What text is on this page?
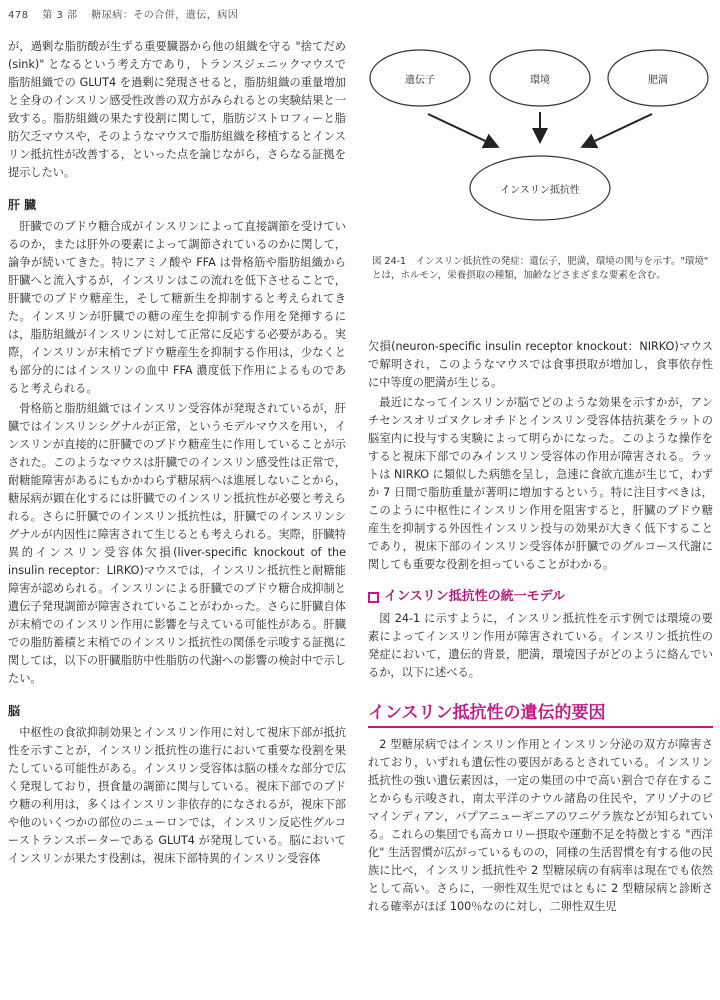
478 第 3 部 糖尿病：その合併，遺伝，病因

が，過剰な脂肪酸が生ずる重要臓器から他の組織を守る "捨てだめ(sink)" となるという考え方であり，トランスジェニックマウスで脂肪組織での GLUT4 を過剰に発現させると，脂肪組織の重量増加と全身のインスリン感受性改善の双方がみられるとの実験結果と一致する。脂肪組織の果たす役割に関して，脂肪ジストロフィーと脂肪欠乏マウスや，そのようなマウスで脂肪組織を移植するとインスリン抵抗性が改善する，といった点を論じながら，さらなる証拠を提示したい。

肝 臓

肝臓でのブドウ糖合成がインスリンによって直接調節を受けているのか，または肝外の要素によって調節されているのかに関して，論争が続いてきた。特にアミノ酸や FFA は骨格筋や脂肪組織から肝臓へと流入するが，インスリンはこの流れを低下させることで，肝臓でのブドウ糖産生，そして糖新生を抑制すると考えられてきた。インスリンが肝臓での糖の産生を抑制する作用を発揮するには，脂肪組織がインスリンに対して正常に反応する必要がある。実際，インスリンが末梢でブドウ糖産生を抑制する作用は，少なくとも部分的にはインスリンの血中 FFA 濃度低下作用によるものであると考えられる。

骨格筋と脂肪組織ではインスリン受容体が発現されているが，肝臓ではインスリンシグナルが正常，というモデルマウスを用い，インスリンが直接的に肝臓でのブドウ糖産生に作用していることが示された。このようなマウスは肝臓でのインスリン感受性は正常で，耐糖能障害があるにもかかわらず糖尿病へは進展しないことから，糖尿病が顕在化するには肝臓でのインスリン抵抗性が必要と考えられる。さらに肝臓でのインスリン抵抗性は，肝臓でのインスリンシグナルが内因性に障害されて生じるとも考えられる。実際，肝臓特異的インスリン受容体欠損(liver-specific knockout of the insulin receptor：LIRKO)マウスでは，インスリン抵抗性と耐糖能障害が認められる。インスリンによる肝臓でのブドウ糖合成抑制と遺伝子発現調節が障害されていることがわかった。さらに肝臓自体が末梢でのインスリン作用に影響を与えている可能性がある。肝臓での脂肪蓄積と末梢でのインスリン抵抗性の関係を示唆する証拠に関しては，以下の肝臓脂肪中性脂肪の代謝への影響の検討中で示したい。

脳

中枢性の食欲抑制効果とインスリン作用に対して視床下部が抵抗性を示すことが，インスリン抵抗性の進行において重要な役割を果たしている可能性がある。インスリン受容体は脳の様々な部分で広く発現しており，摂食量の調節に関与している。視床下部でのブドウ糖の利用は，多くはインスリン非依存的になされるが，視床下部や他のいくつかの部位のニューロンでは，インスリン反応性グルコーストランスポーターである GLUT4 が発現している。脳においてインスリンが果たす役割は，視床下部特異的インスリン受容体

遺伝子	環境	肥満
インスリン抵抗性
図 24-1　インスリン抵抗性の発症：遺伝子，肥満，環境の関与を示す。"環境" とは，ホルモン，栄養摂取の種類，加齢などさまざまな要素を含む。

欠損(neuron-specific insulin receptor knockout：NIRKO)マウスで解明され，このようなマウスでは食事摂取が増加し，食事依存性に中等度の肥満が生じる。

最近になってインスリンが脳でどのような効果を示すかが，アンチセンスオリゴヌクレオチドとインスリン受容体拮抗薬をラットの脳室内に投与する実験によって明らかになった。このような操作をすると視床下部でのみインスリン受容体の作用が障害される。ラットは NIRKO に類似した病態を呈し，急速に食欲亢進が生じて，わずか 7 日間で脂肪重量が著明に増加するという。特に注目すべきは，このように中枢性にインスリン作用を阻害すると，肝臓のブドウ糖産生を抑制する外因性インスリン投与の効果が大きく低下することであり，視床下部のインスリン受容体が肝臓でのグルコース代謝に関しても重要な役割を担っていることがわかる。

インスリン抵抗性の統一モデル

図 24-1 に示すように，インスリン抵抗性を示す例では環境の要素によってインスリン作用が障害されている。インスリン抵抗性の発症において，遺伝的背景，肥満，環境因子がどのように絡んでいるか，以下に述べる。

インスリン抵抗性の遺伝的要因

2 型糖尿病ではインスリン作用とインスリン分泌の双方が障害されており，いずれも遺伝性の要因があるとされている。インスリン抵抗性の強い遺伝素因は，一定の集団の中で高い割合で存在することからも示唆され，南太平洋のナウル諸島の住民や，アリゾナのピマインディアン，パプアニューギニアのワニゲラ族などが知られている。これらの集団でも高カロリー摂取や運動不足を特徴とする "西洋化" 生活習慣が広がっているものの，同様の生活習慣を有する他の民族に比べ，インスリン抵抗性や 2 型糖尿病の有病率は現在でも依然として高い。さらに，一卵性双生児ではともに 2 型糖尿病と診断される確率がほぼ 100％なのに対し，二卵性双生児
